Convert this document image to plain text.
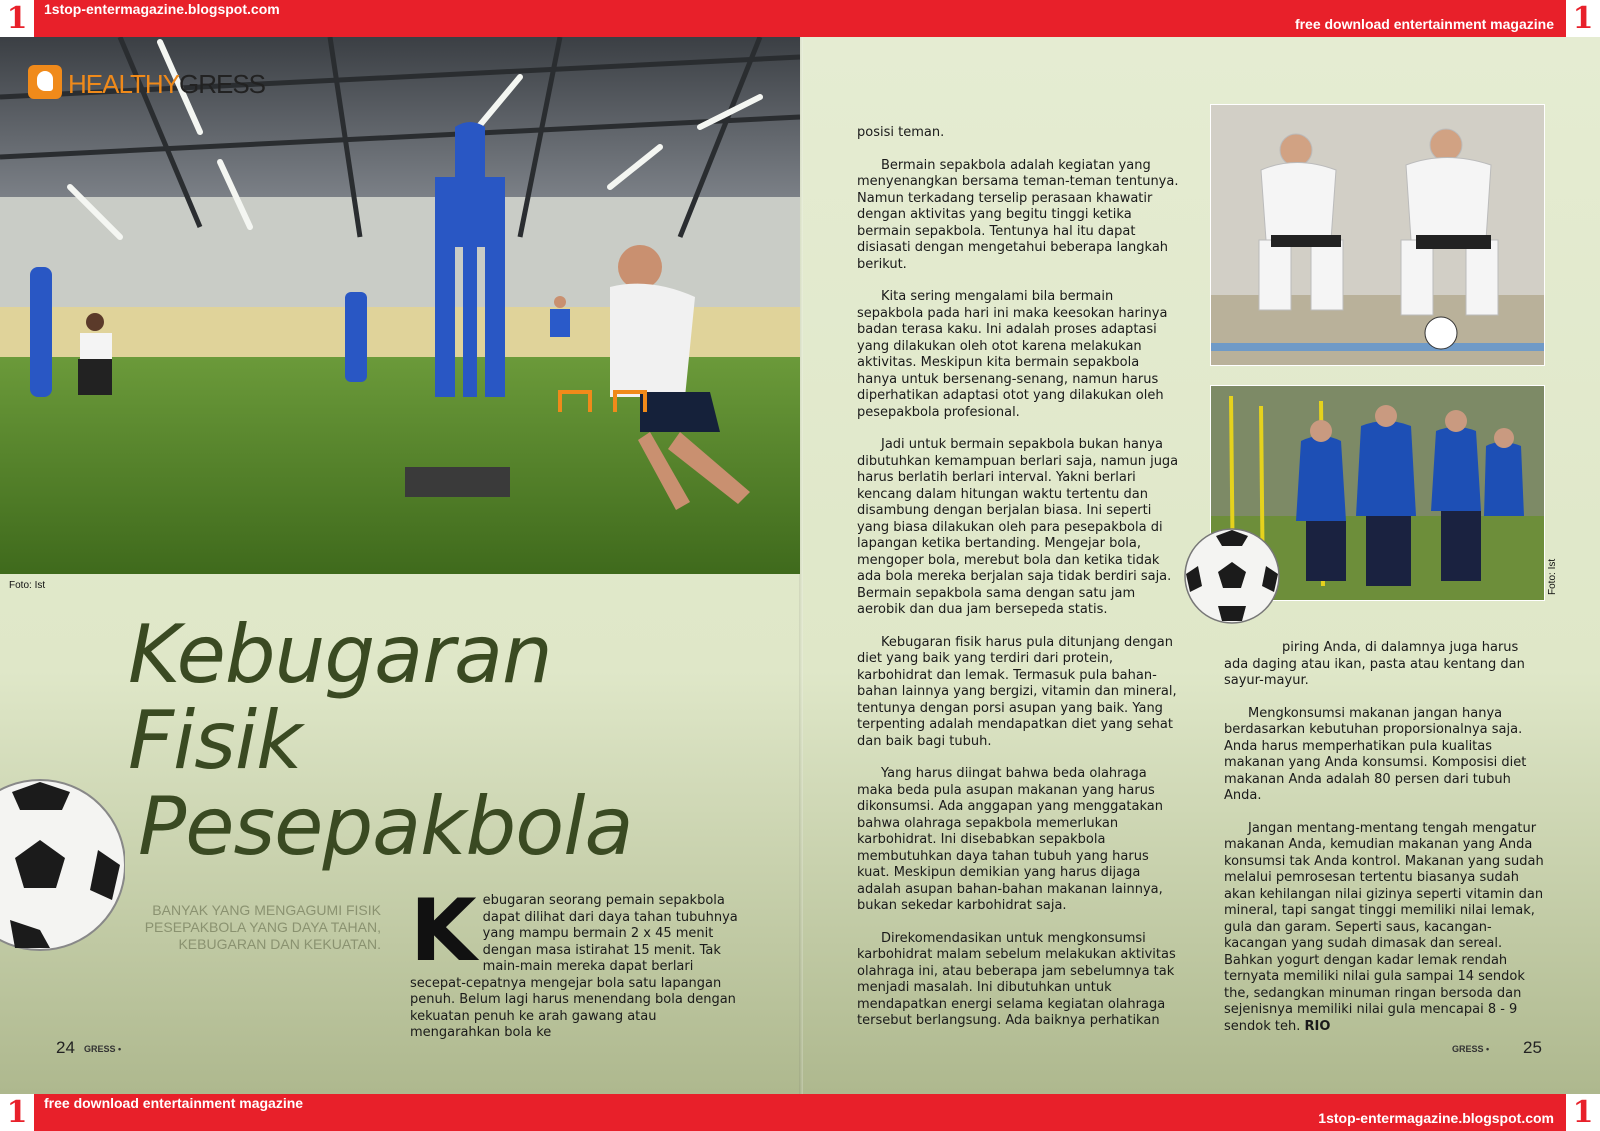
1	1stop-entermagazine.blogspot.com
free download entertainment magazine 1
HEALTHYGRESS
Foto: Ist
Kebugaran
Fisik
Pesepakbola
BANYAK YANG MENGAGUMI FISIK PESEPAKBOLA YANG DAYA TAHAN, KEBUGARAN DAN KEKUATAN. Kebugaran seorang pemain sepakbola dapat dilihat dari daya tahan tubuhnya yang mampu bermain 2 x 45 menit dengan masa istirahat 15 menit. Tak main-main mereka dapat berlari secepat-cepatnya mengejar bola satu lapangan penuh. Belum lagi harus menendang bola dengan kekuatan penuh ke arah gawang atau mengarahkan bola ke

posisi teman.

Bermain sepakbola adalah kegiatan yang menyenangkan bersama teman-teman tentunya. Namun terkadang terselip perasaan khawatir dengan aktivitas yang begitu tinggi ketika bermain sepakbola. Tentunya hal itu dapat disiasati dengan mengetahui beberapa langkah berikut.

Kita sering mengalami bila bermain sepakbola pada hari ini maka keesokan harinya badan terasa kaku. Ini adalah proses adaptasi yang dilakukan oleh otot karena melakukan aktivitas. Meskipun kita bermain sepakbola hanya untuk bersenang-senang, namun harus diperhatikan adaptasi otot yang dilakukan oleh pesepakbola profesional.

Jadi untuk bermain sepakbola bukan hanya dibutuhkan kemampuan berlari saja, namun juga harus berlatih berlari interval. Yakni berlari kencang dalam hitungan waktu tertentu dan disambung dengan berjalan biasa. Ini seperti yang biasa dilakukan oleh para pesepakbola di lapangan ketika bertanding. Mengejar bola, mengoper bola, merebut bola dan ketika tidak ada bola mereka berjalan saja tidak berdiri saja. Bermain sepakbola sama dengan satu jam aerobik dan dua jam bersepeda statis.

Kebugaran fisik harus pula ditunjang dengan diet yang baik yang terdiri dari protein, karbohidrat dan lemak. Termasuk pula bahan-bahan lainnya yang bergizi, vitamin dan mineral, tentunya dengan porsi asupan yang baik. Yang terpenting adalah mendapatkan diet yang sehat dan baik bagi tubuh.

Yang harus diingat bahwa beda olahraga maka beda pula asupan makanan yang harus dikonsumsi. Ada anggapan yang menggatakan bahwa olahraga sepakbola memerlukan karbohidrat. Ini disebabkan sepakbola membutuhkan daya tahan tubuh yang harus kuat. Meskipun demikian yang harus dijaga adalah asupan bahan-bahan makanan lainnya, bukan sekedar karbohidrat saja.

Direkomendasikan untuk mengkonsumsi karbohidrat malam sebelum melakukan aktivitas olahraga ini, atau beberapa jam sebelumnya tak menjadi masalah. Ini dibutuhkan untuk mendapatkan energi selama kegiatan olahraga tersebut berlangsung. Ada baiknya perhatikan

Foto: Ist

piring Anda, di dalamnya juga harus ada daging atau ikan, pasta atau kentang dan sayur-mayur.

Mengkonsumsi makanan jangan hanya berdasarkan kebutuhan proporsionalnya saja. Anda harus memperhatikan pula kualitas makanan yang Anda konsumsi. Komposisi diet makanan Anda adalah 80 persen dari tubuh Anda.

Jangan mentang-mentang tengah mengatur makanan Anda, kemudian makanan yang Anda konsumsi tak Anda kontrol. Makanan yang sudah melalui pemrosesan tertentu biasanya sudah akan kehilangan nilai gizinya seperti vitamin dan mineral, tapi sangat tinggi memiliki nilai lemak, gula dan garam. Seperti saus, kacangan-kacangan yang sudah dimasak dan sereal. Bahkan yogurt dengan kadar lemak rendah ternyata memiliki nilai gula sampai 14 sendok the, sedangkan minuman ringan bersoda dan sejenisnya memiliki nilai gula mencapai 8 - 9 sendok teh. RIO

24 GRESS •	GRESS • 25
1	free download entertainment magazine
1stop-entermagazine.blogspot.com 1
